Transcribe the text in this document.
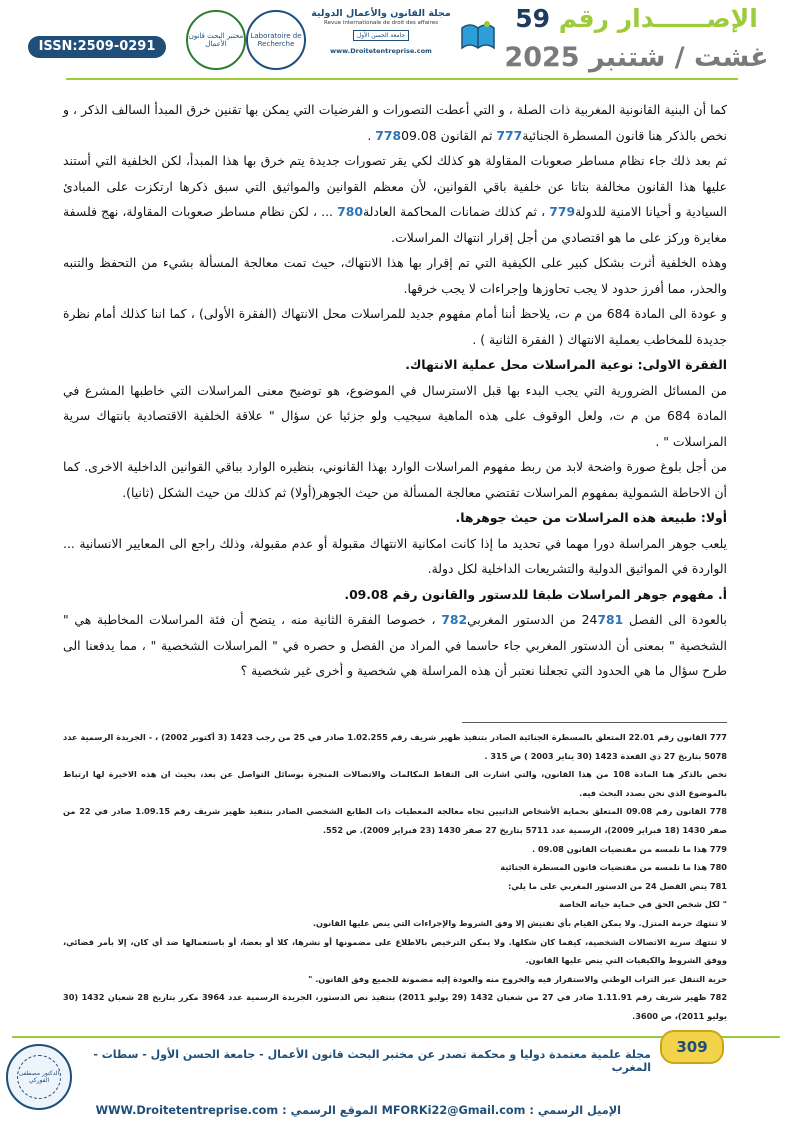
الإصــــــدار رقم 59
غشت / شتنبر 2025
مختبر البحث قانون الأعمال
Laboratoire de Recherche
مجلة القانون والأعمال الدولية
Revue internationale de droit des affaires
جامعة الحسن الأول
www.Droitetentreprise.com
ISSN:2509-0291

كما أن البنية القانونية المغربية ذات الصلة ، و التي أعطت التصورات و الفرضيات التي يمكن بها تقنين خرق المبدأ السالف الذكر ، و نخص بالذكر هنا قانون المسطرة الجنائية777 ثم القانون 77809.08 .

ثم بعد ذلك جاء نظام مساطر صعوبات المقاولة هو كذلك لكي يقر تصورات جديدة يتم خرق بها هذا المبدأ، لكن الخلفية التي أستند عليها هذا القانون مخالفة بتاتا عن خلفية باقي القوانين، لأن معظم القوانين والمواثيق التي سبق ذكرها ارتكزت على المبادئ السيادية و أحيانا الامنية للدولة779 ، ثم كذلك ضمانات المحاكمة العادلة780 ... ، لكن نظام مساطر صعوبات المقاولة، نهج فلسفة مغايرة وركز على ما هو اقتصادي من أجل إقرار انتهاك المراسلات.

وهذه الخلفية أثرت بشكل كبير على الكيفية التي تم إقرار بها هذا الانتهاك، حيث تمت معالجة المسألة بشيء من التحفظ والتنبه والحذر، مما أفرز حدود لا يجب تحاوزها وإجراءات لا يجب خرقها.

و عودة الى المادة 684 من م ت، يلاحظ أننا أمام مفهوم جديد للمراسلات محل الانتهاك (الفقرة الأولى) ، كما اننا كذلك أمام نظرة جديدة للمخاطب بعملية الانتهاك ( الفقرة الثانية ) .

الفقرة الاولى: نوعية المراسلات محل عملية الانتهاك.

من المسائل الضرورية التي يجب البدء بها قبل الاسترسال في الموضوع، هو توضيح معنى المراسلات التي خاطبها المشرع في المادة 684 من م ت، ولعل الوقوف على هذه الماهية سيجيب ولو جزئيا عن سؤال " علاقة الخلفية الاقتصادية بانتهاك سرية المراسلات " .

من أجل بلوغ صورة واضحة لابد من ربط مفهوم المراسلات الوارد بهذا القانوني، بنظيره الوارد بباقي القوانين الداخلية الاخرى. كما أن الاحاطة الشمولية بمفهوم المراسلات تقتضي معالجة المسألة من حيث الجوهر(أولا) ثم كذلك من حيث الشكل (ثانيا).

أولا: طبيعة هذه المراسلات من حيث جوهرها.

يلعب جوهر المراسلة دورا مهما في تحديد ما إذا كانت امكانية الانتهاك مقبولة أو عدم مقبولة، وذلك راجع الى المعايير الانسانية ... الواردة في المواثيق الدولية والتشريعات الداخلية لكل دولة.

أ. مفهوم جوهر المراسلات طبقا للدستور والقانون رقم 09.08.

بالعودة الى الفصل 24781 من الدستور المغربي782 ، خصوصا الفقرة الثانية منه ، يتضح أن فئة المراسلات المخاطبة هي " الشخصية " بمعنى أن الدستور المغربي جاء حاسما في المراد من الفصل و حصره في " المراسلات الشخصية " ، مما يدفعنا الى طرح سؤال ما هي الحدود التي تجعلنا نعتبر أن هذه المراسلة هي شخصية و أخرى غير شخصية ؟

777 القانون رقم 22.01 المتعلق بالمسطرة الجنائية الصادر بتنفيذ ظهير شريف رقم 1.02.255 صادر في 25 من رجب 1423 (3 أكتوبر 2002) ، - الجريدة الرسمية عدد 5078 بتاريخ 27 ذي القعدة 1423 (30 يناير 2003 ) ص 315 .

نخص بالذكر هنا المادة 108 من هذا القانون، والتي اشارت الى التقاط المكالمات والاتصالات المنجزة بوسائل التواصل عن بعد، بحيث ان هذه الاخيرة لها ارتباط بالموضوع الذي نحن بصدد البحث فيه.

778 القانون رقم 09.08 المتعلق بحماية الأشخاص الذاتيين تجاه معالجة المعطيات ذات الطابع الشخصي الصادر بتنفيذ ظهير شريف رقم 1.09.15 صادر في 22 من صفر 1430 (18 فبراير 2009)، الرسمية عدد 5711 بتاريخ 27 صفر 1430 (23 فبراير 2009). ص 552.

779 هذا ما نلمسه من مقتضيات القانون 09.08 .

780 هذا ما نلمسه من مقتضيات قانون المسطرة الجنائية

781 ينص الفصل 24 من الدستور المغربي على ما يلي:

" لكل شخص الحق في حماية حياته الخاصة

لا تنتهك حرمة المنزل. ولا يمكن القيام بأي تفتيش إلا وفق الشروط والإجراءات التي ينص عليها القانون.

لا تنتهك سرية الاتصالات الشخصية، كيفما كان شكلها. ولا يمكن الترخيص بالاطلاع على مضمونها أو نشرها، كلا أو بعضا، أو باستعمالها ضد أي كان، إلا بأمر قضائي، ووفق الشروط والكيفيات التي ينص عليها القانون.

حرية التنقل عبر التراب الوطني والاستقرار فيه والخروج منه والعودة إليه مضمونة للجميع وفق القانون. "

782 ظهير شريف رقم 1.11.91 صادر في 27 من شعبان 1432 (29 يوليو 2011) بتنفيذ نص الدستور، الجريدة الرسمية عدد 3964 مكرر بتاريخ 28 شعبان 1432 (30 يوليو 2011)، ص 3600.

309
مجلة علمية معتمدة دوليا و محكمة تصدر عن مختبر البحث قانون الأعمال - جامعة الحسن الأول - سطات - المغرب
الإميل الرسمي : MFORKi22@Gmail.com الموقع الرسمي : WWW.Droitetentreprise.com
الدكتور مصطفى الفوركي
